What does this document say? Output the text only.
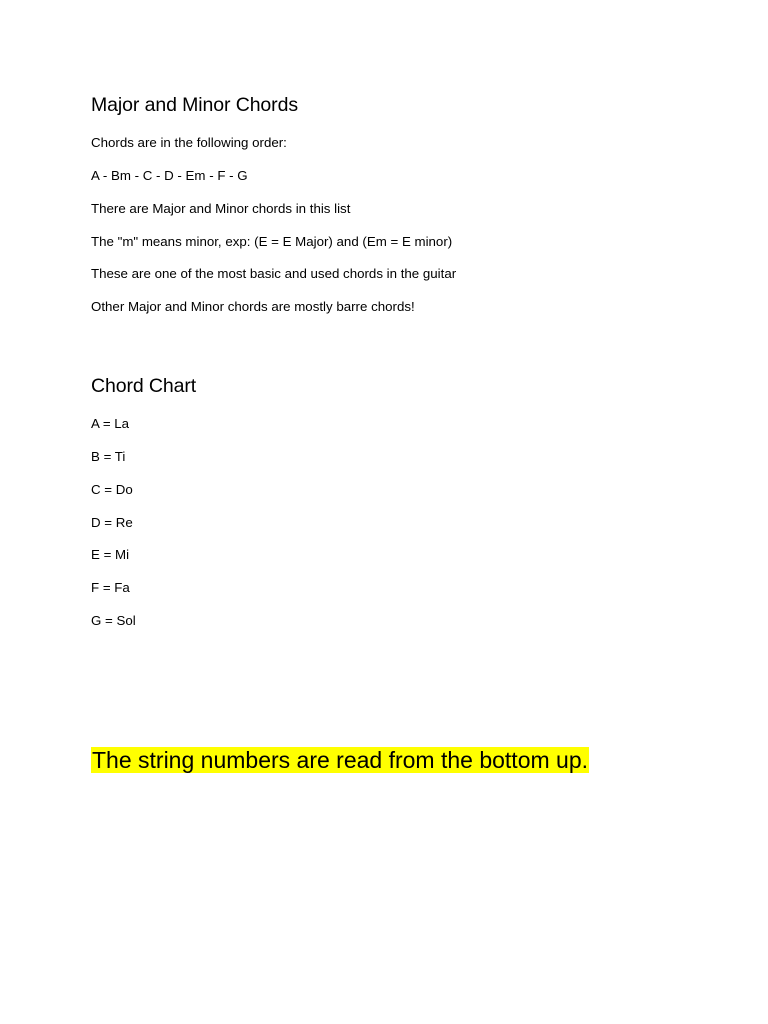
Major and Minor Chords

Chords are in the following order:

A - Bm - C - D - Em - F - G

There are Major and Minor chords in this list

The "m" means minor, exp: (E = E Major) and (Em = E minor)

These are one of the most basic and used chords in the guitar

Other Major and Minor chords are mostly barre chords!

Chord Chart

A = La

B = Ti

C = Do

D = Re

E = Mi

F = Fa

G = Sol

The string numbers are read from the bottom up.
